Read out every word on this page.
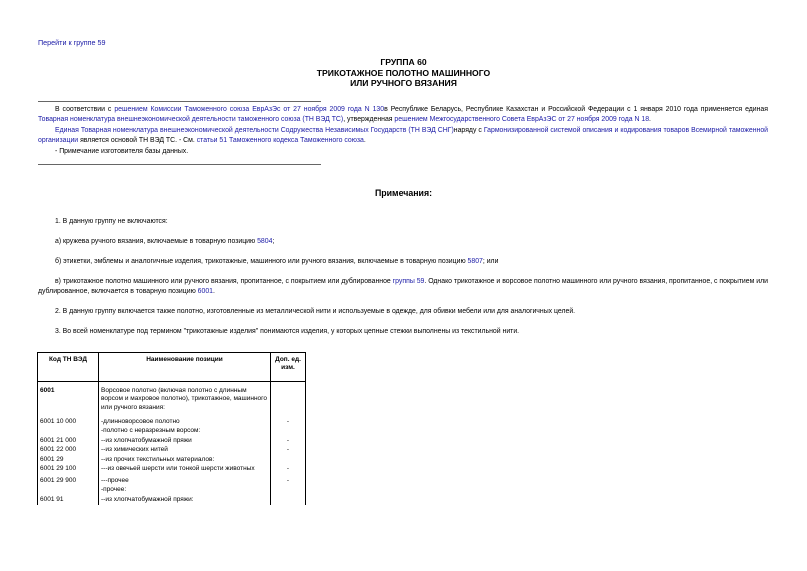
Перейти к группе 59
ГРУППА 60
ТРИКОТАЖНОЕ ПОЛОТНО МАШИННОГО
ИЛИ РУЧНОГО ВЯЗАНИЯ

В соответствии с решением Комиссии Таможенного союза ЕврАзЭс от 27 ноября 2009 года N 130в Республике Беларусь, Республике Казахстан и Российской Федерации с 1 января 2010 года применяется единая Товарная номенклатура внешнеэкономической деятельности таможенного союза (ТН ВЭД ТС), утвержденная решением Межгосударственного Совета ЕврАзЭС от 27 ноября 2009 года N 18.

Единая Товарная номенклатура внешнеэкономической деятельности Содружества Независимых Государств (ТН ВЭД СНГ)наряду с Гармонизированной системой описания и кодирования товаров Всемирной таможенной организации является основой ТН ВЭД ТС. - См. статьи 51 Таможенного кодекса Таможенного союза.

- Примечание изготовителя базы данных.

Примечания:

1. В данную группу не включаются:

а) кружева ручного вязания, включаемые в товарную позицию 5804;

б) этикетки, эмблемы и аналогичные изделия, трикотажные, машинного или ручного вязания, включаемые в товарную позицию 5807; или

в) трикотажное полотно машинного или ручного вязания, пропитанное, с покрытием или дублированное группы 59. Однако трикотажное и ворсовое полотно машинного или ручного вязания, пропитанное, с покрытием или дублированное, включается в товарную позицию 6001.

2. В данную группу включается также полотно, изготовленные из металлической нити и используемые в одежде, для обивки мебели или для аналогичных целей.

3. Во всей номенклатуре под термином "трикотажные изделия" понимаются изделия, у которых цепные стежки выполнены из текстильной нити.

Код ТН ВЭД	Наименование позиции	Доп. ед. изм.
6001	Ворсовое полотно (включая полотно с длинным ворсом и махровое полотно), трикотажное, машинного или ручного вязания:	

6001 10 000	-длинноворсовое полотно	-
	-полотно с неразрезным ворсом:	
6001 21 000	--из хлопчатобумажной пряжи	-
6001 22 000	--из химических нитей	-
6001 29	--из прочих текстильных материалов:	
6001 29 100	---из овечьей шерсти или тонкой шерсти животных	-
6001 29 900	---прочее	-
	-прочее:	
6001 91	--из хлопчатобумажной пряжи:	
